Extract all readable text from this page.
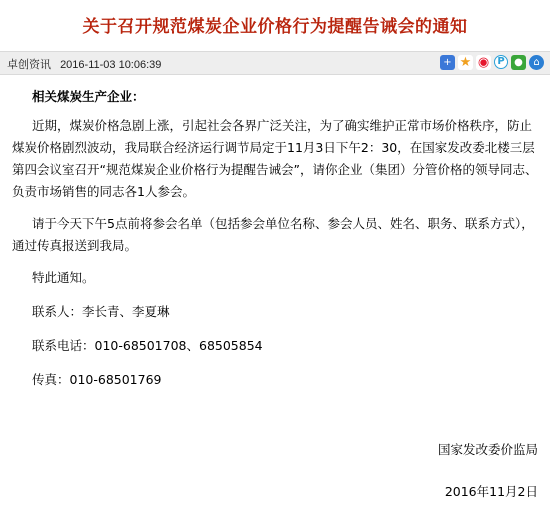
关于召开规范煤炭企业价格行为提醒告诫会的通知
卓创资讯 2016-11-03 10:06:39	+ ★ ◉ P ●	⌂
相关煤炭生产企业：
近期，煤炭价格急剧上涨，引起社会各界广泛关注，为了确实维护正常市场价格秩序，防止煤炭价格剧烈波动，我局联合经济运行调节局定于11月3日下午2：30，在国家发改委北楼三层第四会议室召开“规范煤炭企业价格行为提醒告诫会”，请你企业（集团）分管价格的领导同志、负责市场销售的同志各1人参会。
请于今天下午5点前将参会名单（包括参会单位名称、参会人员、姓名、职务、联系方式），通过传真报送到我局。
特此通知。
联系人：李长青、李夏琳
联系电话：010-68501708、68505854
传真：010-68501769
国家发改委价监局
2016年11月2日
